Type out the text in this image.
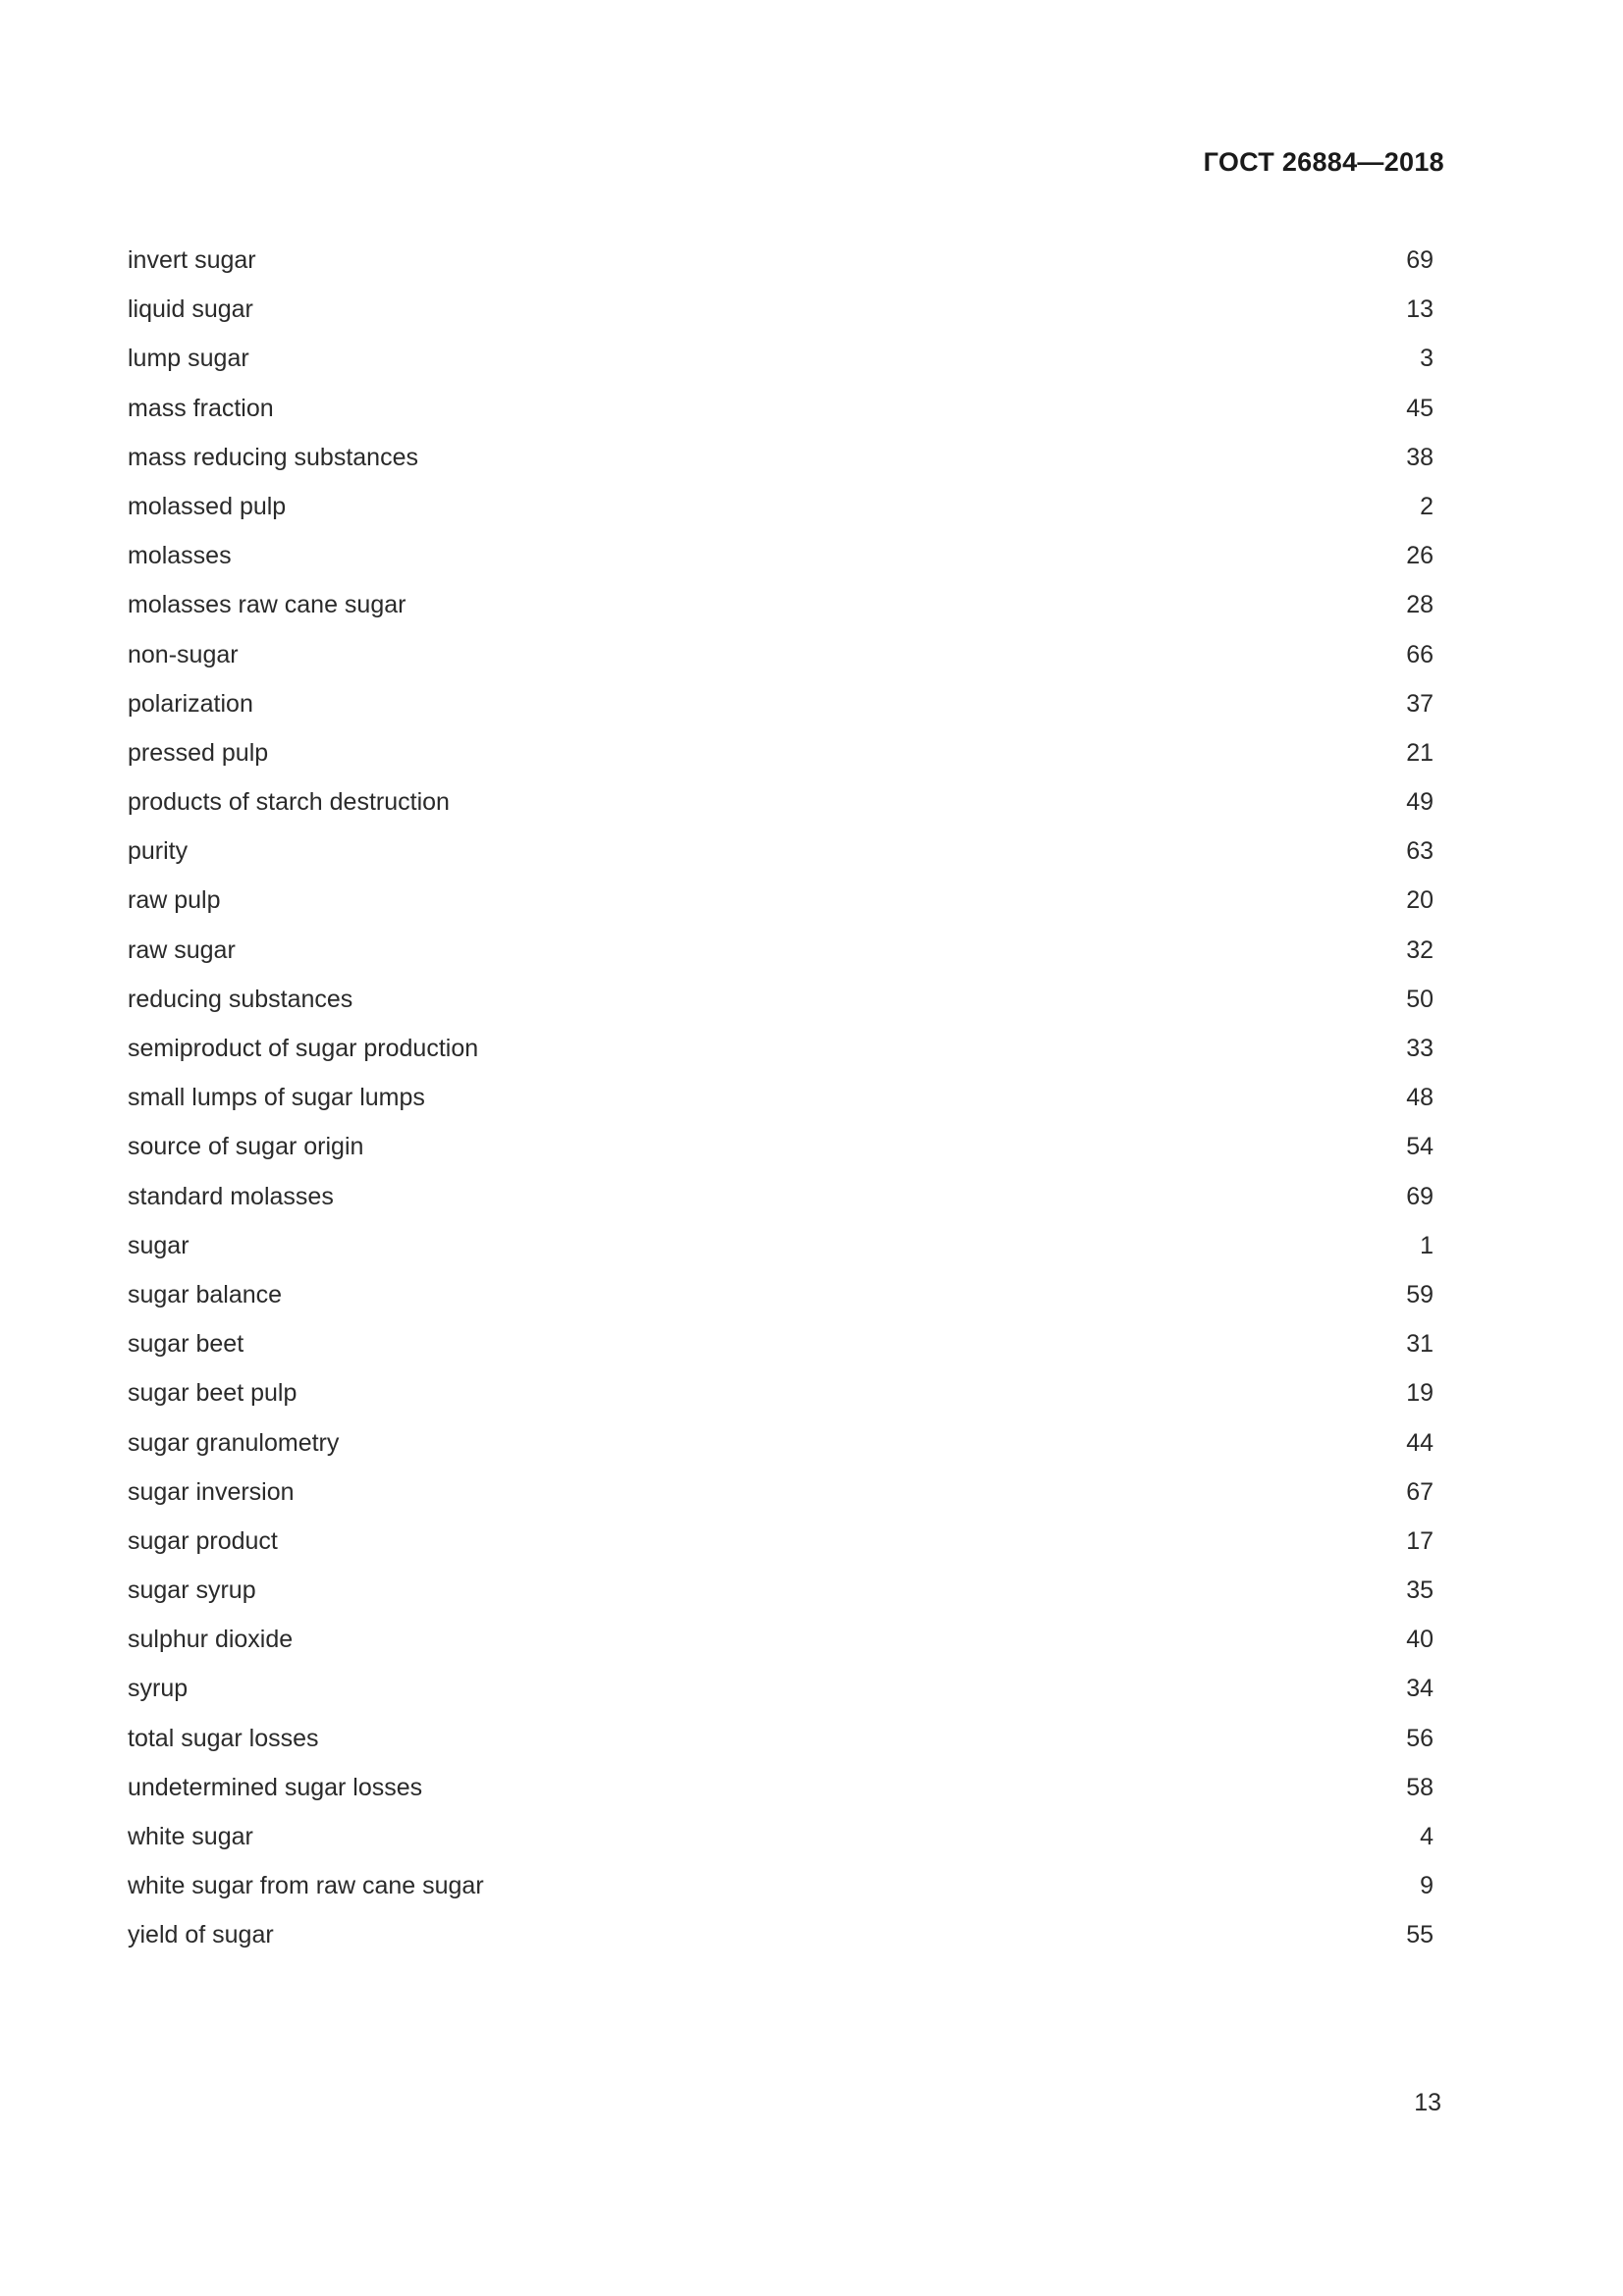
ГОСТ 26884—2018
invert sugar	69
liquid sugar	13
lump sugar	3
mass fraction	45
mass reducing substances	38
molassed pulp	2
molasses	26
molasses raw cane sugar	28
non-sugar	66
polarization	37
pressed pulp	21
products of starch destruction	49
purity	63
raw pulp	20
raw sugar	32
reducing substances	50
semiproduct of sugar production	33
small lumps of sugar lumps	48
source of sugar origin	54
standard molasses	69
sugar	1
sugar balance	59
sugar beet	31
sugar beet pulp	19
sugar granulometry	44
sugar inversion	67
sugar product	17
sugar syrup	35
sulphur dioxide	40
syrup	34
total sugar losses	56
undetermined sugar losses	58
white sugar	4
white sugar from raw cane sugar	9
yield of sugar	55
13
